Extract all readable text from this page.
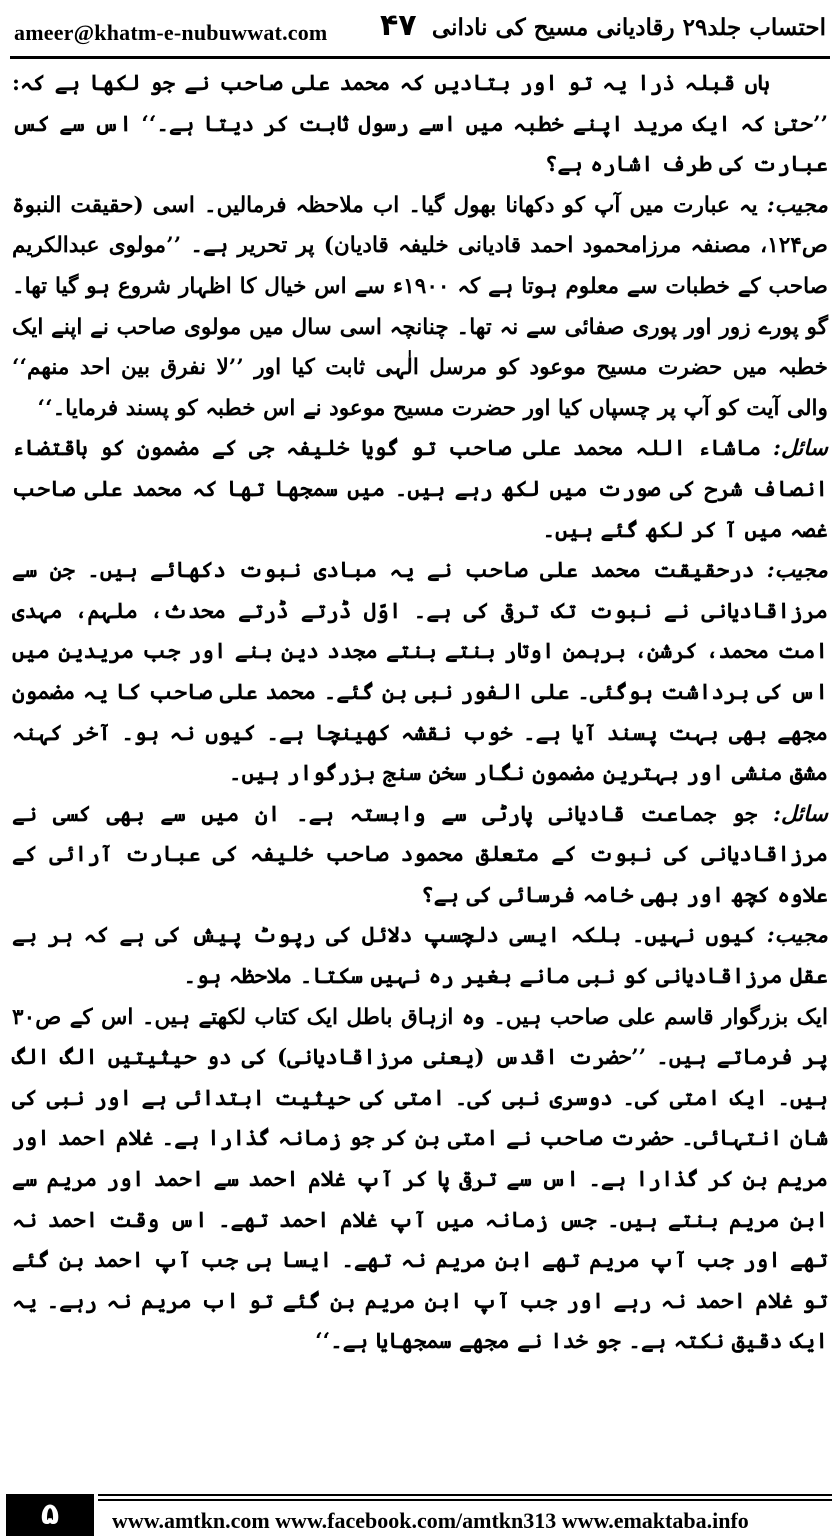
ameer@khatm-e-nubuwwat.com ۴۷ احتساب جلد۲۹ رقادیانی مسیح کی نادانی

ہاں قبلہ ذرا یہ تو اور بتادیں کہ محمد علی صاحب نے جو لکھا ہے کہ: ’’حتیٰ کہ ایک مرید اپنے خطبہ میں اسے رسول ثابت کر دیتا ہے۔‘‘ اس سے کس عبارت کی طرف اشارہ ہے؟

مجیب: یہ عبارت میں آپ کو دکھانا بھول گیا۔ اب ملاحظہ فرمالیں۔ اسی (حقیقت النبوۃ ص۱۲۴، مصنفہ مرزامحمود احمد قادیانی خلیفہ قادیان) پر تحریر ہے۔ ’’مولوی عبدالکریم صاحب کے خطبات سے معلوم ہوتا ہے کہ ۱۹۰۰ء سے اس خیال کا اظہار شروع ہو گیا تھا۔ گو پورے زور اور پوری صفائی سے نہ تھا۔ چنانچہ اسی سال میں مولوی صاحب نے اپنے ایک خطبہ میں حضرت مسیح موعود کو مرسل الٰہی ثابت کیا اور ’’لا نفرق بین احد منھم‘‘ والی آیت کو آپ پر چسپاں کیا اور حضرت مسیح موعود نے اس خطبہ کو پسند فرمایا۔‘‘

سائل: ماشاء اللہ محمد علی صاحب تو گویا خلیفہ جی کے مضمون کو باقتضاء انصاف شرح کی صورت میں لکھ رہے ہیں۔ میں سمجھا تھا کہ محمد علی صاحب غصہ میں آ کر لکھ گئے ہیں۔

مجیب: درحقیقت محمد علی صاحب نے یہ مبادی نبوت دکھائے ہیں۔ جن سے مرزاقادیانی نے نبوت تک ترقی کی ہے۔ اوّل ڈرتے ڈرتے محدث، ملہم، مہدی امت محمد، کرشن، برہمن اوتار بنتے بنتے مجدد دین بنے اور جب مریدین میں اس کی برداشت ہوگئی۔ علی الفور نبی بن گئے۔ محمد علی صاحب کا یہ مضمون مجھے بھی بہت پسند آیا ہے۔ خوب نقشہ کھینچا ہے۔ کیوں نہ ہو۔ آخر کہنہ مشق منشی اور بہترین مضمون نگار سخن سنج بزرگوار ہیں۔

سائل: جو جماعت قادیانی پارٹی سے وابستہ ہے۔ ان میں سے بھی کسی نے مرزاقادیانی کی نبوت کے متعلق محمود صاحب خلیفہ کی عبارت آرائی کے علاوہ کچھ اور بھی خامہ فرسائی کی ہے؟

مجیب: کیوں نہیں۔ بلکہ ایسی دلچسپ دلائل کی رپوٹ پیش کی ہے کہ ہر بے عقل مرزاقادیانی کو نبی مانے بغیر رہ نہیں سکتا۔ ملاحظہ ہو۔

ایک بزرگوار قاسم علی صاحب ہیں۔ وہ ازہاق باطل ایک کتاب لکھتے ہیں۔ اس کے ص۳۰ پر فرماتے ہیں۔ ’’حضرت اقدس (یعنی مرزاقادیانی) کی دو حیثیتیں الگ الگ ہیں۔ ایک امتی کی۔ دوسری نبی کی۔ امتی کی حیثیت ابتدائی ہے اور نبی کی شان انتہائی۔ حضرت صاحب نے امتی بن کر جو زمانہ گذارا ہے۔ غلام احمد اور مریم بن کر گذارا ہے۔ اس سے ترقی پا کر آپ غلام احمد سے احمد اور مریم سے ابن مریم بنتے ہیں۔ جس زمانہ میں آپ غلام احمد تھے۔ اس وقت احمد نہ تھے اور جب آپ مریم تھے ابن مریم نہ تھے۔ ایسا ہی جب آپ احمد بن گئے تو غلام احمد نہ رہے اور جب آپ ابن مریم بن گئے تو اب مریم نہ رہے۔ یہ ایک دقیق نکتہ ہے۔ جو خدا نے مجھے سمجھایا ہے۔‘‘

۵	www.amtkn.com www.facebook.com/amtkn313 www.emaktaba.info
